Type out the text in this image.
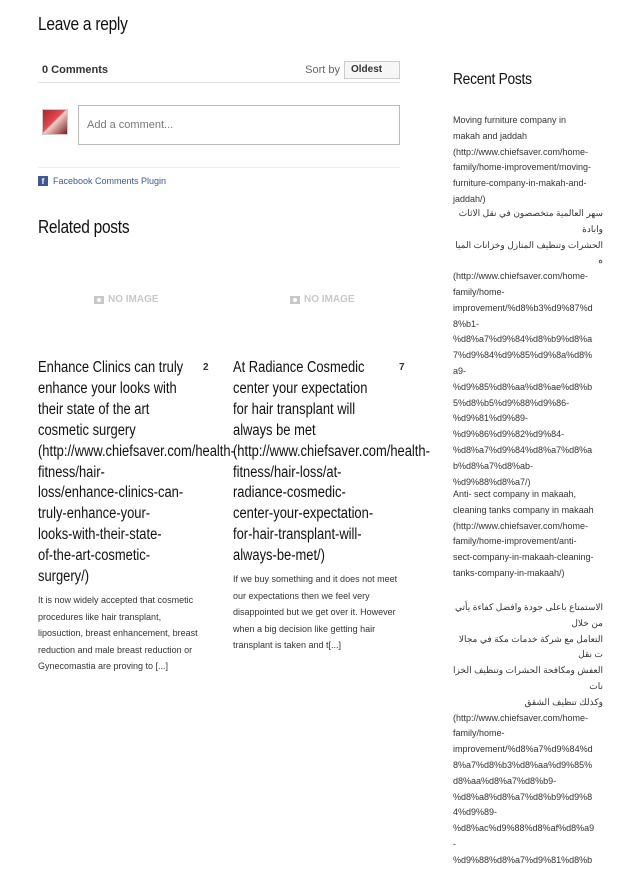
Leave a reply
0 Comments	Sort by	Oldest
Add a comment...
f Facebook Comments Plugin
Related posts
NO IMAGE	NO IMAGE
2
Enhance Clinics can truly
enhance your looks with
their state of the art
cosmetic surgery
(http://www.chiefsaver.com/health-
fitness/hair-
loss/enhance-clinics-can-
truly-enhance-your-
looks-with-their-state-
of-the-art-cosmetic-
surgery/)
It is now widely accepted that cosmetic
procedures like hair transplant,
liposuction, breast enhancement, breast
reduction and male breast reduction or
Gynecomastia are proving to [...]
7
At Radiance Cosmedic
center your expectation
for hair transplant will
always be met
(http://www.chiefsaver.com/health-
fitness/hair-loss/at-
radiance-cosmedic-
center-your-expectation-
for-hair-transplant-will-
always-be-met/)
If we buy something and it does not meet
our expectations then we feel very
disappointed but we get over it. However
when a big decision like getting hair
transplant is taken and t[...]
Recent Posts
Moving furniture company in
makah and jaddah
(http://www.chiefsaver.com/home-
family/home-improvement/moving-
furniture-company-in-makah-and-
jaddah/)
سهر العالمية متخصصون في نقل الاثاث وابادة
الحشرات وتنظيف المنازل وخزانات المياه
(http://www.chiefsaver.com/home-
family/home-
improvement/%d8%b3%d9%87%d
8%b1-
%d8%a7%d9%84%d8%b9%d8%a
7%d9%84%d9%85%d9%8a%d8%
a9-
%d9%85%d8%aa%d8%ae%d8%b
5%d8%b5%d9%88%d9%86-
%d9%81%d9%89-
%d9%86%d9%82%d9%84-
%d8%a7%d9%84%d8%a7%d8%a
b%d8%a7%d8%ab-
%d9%88%d8%a7/)
Anti- sect company in makaah,
cleaning tanks company in makaah
(http://www.chiefsaver.com/home-
family/home-improvement/anti-
sect-company-in-makaah-cleaning-
tanks-company-in-makaah/)
الاستمتاع باعلى جودة وافضل كفاءة يأتي من خلال
التعامل مع شركة خدمات مكة في مجالات نقل
العفش ومكافحة الحشرات وتنظيف الخزانات
وكذلك تنظيف الشقق
(http://www.chiefsaver.com/home-
family/home-
improvement/%d8%a7%d9%84%d
8%a7%d8%b3%d8%aa%d9%85%
d8%aa%d8%a7%d8%b9-
%d8%a8%d8%a7%d8%b9%d9%8
4%d9%89-
%d8%ac%d9%88%d8%af%d8%a9
-
%d9%88%d8%a7%d9%81%d8%b
